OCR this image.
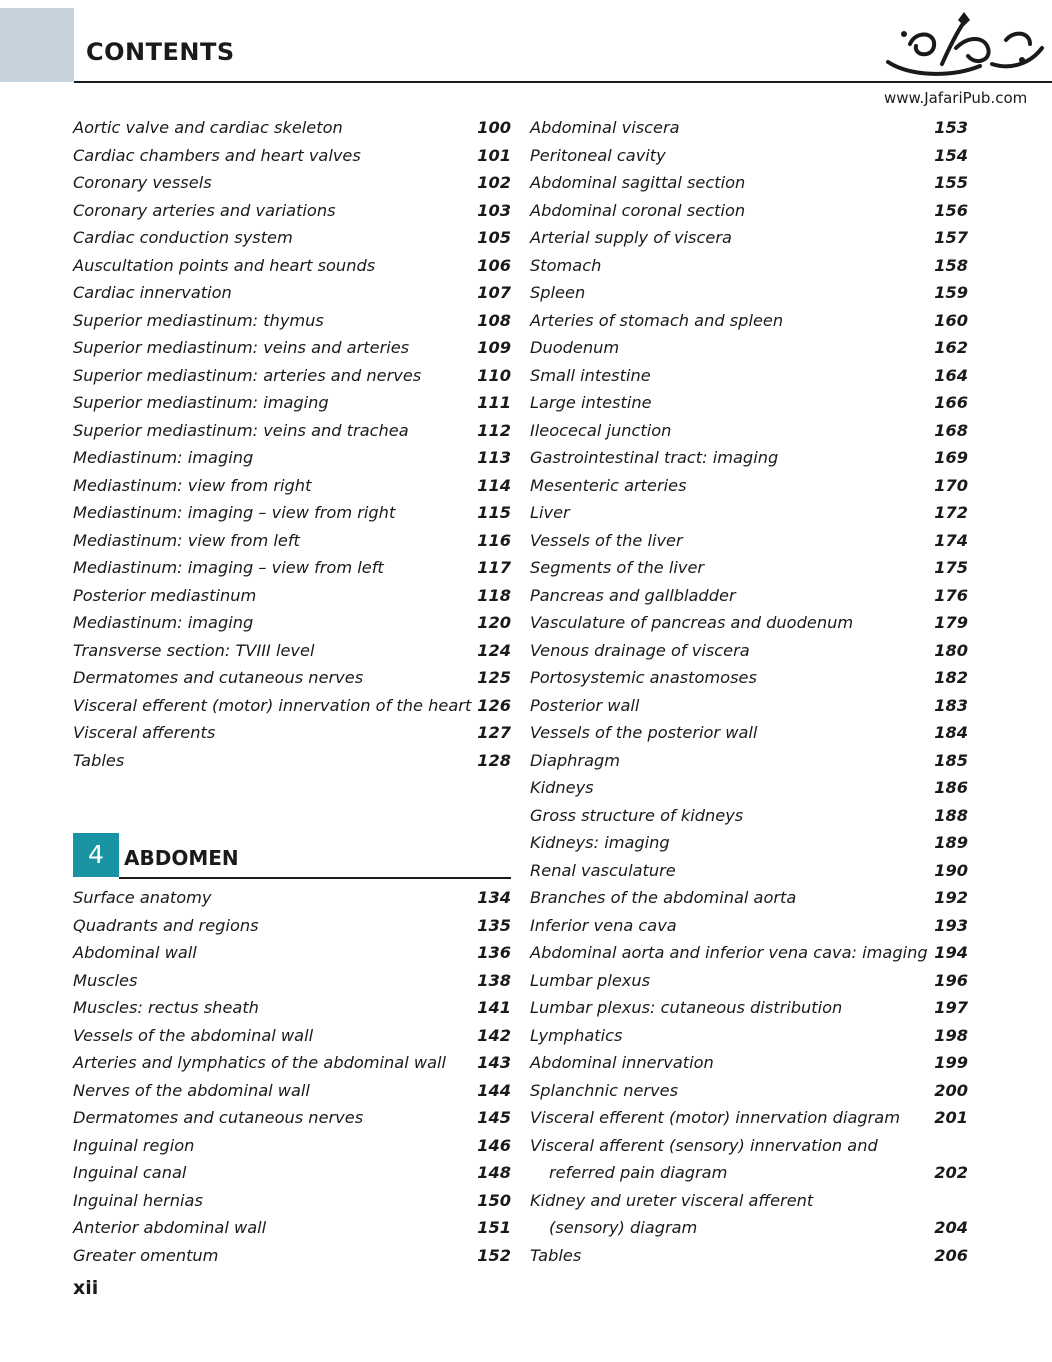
CONTENTS
www.JafariPub.com
Aortic valve and cardiac skeleton	100
Cardiac chambers and heart valves	101
Coronary vessels	102
Coronary arteries and variations	103
Cardiac conduction system	105
Auscultation points and heart sounds	106
Cardiac innervation	107
Superior mediastinum: thymus	108
Superior mediastinum: veins and arteries	109
Superior mediastinum: arteries and nerves	110
Superior mediastinum: imaging	111
Superior mediastinum: veins and trachea	112
Mediastinum: imaging	113
Mediastinum: view from right	114
Mediastinum: imaging – view from right	115
Mediastinum: view from left	116
Mediastinum: imaging – view from left	117
Posterior mediastinum	118
Mediastinum: imaging	120
Transverse section: TVIII level	124
Dermatomes and cutaneous nerves	125
Visceral efferent (motor) innervation of the heart 126
Visceral afferents	127
Tables	128
4	ABDOMEN
Surface anatomy	134
Quadrants and regions	135
Abdominal wall	136
Muscles	138
Muscles: rectus sheath	141
Vessels of the abdominal wall	142
Arteries and lymphatics of the abdominal wall	143
Nerves of the abdominal wall	144
Dermatomes and cutaneous nerves	145
Inguinal region	146
Inguinal canal	148
Inguinal hernias	150
Anterior abdominal wall	151
Greater omentum	152
Abdominal viscera	153
Peritoneal cavity	154
Abdominal sagittal section	155
Abdominal coronal section	156
Arterial supply of viscera	157
Stomach	158
Spleen	159
Arteries of stomach and spleen	160
Duodenum	162
Small intestine	164
Large intestine	166
Ileocecal junction	168
Gastrointestinal tract: imaging	169
Mesenteric arteries	170
Liver	172
Vessels of the liver	174
Segments of the liver	175
Pancreas and gallbladder	176
Vasculature of pancreas and duodenum	179
Venous drainage of viscera	180
Portosystemic anastomoses	182
Posterior wall	183
Vessels of the posterior wall	184
Diaphragm	185
Kidneys	186
Gross structure of kidneys	188
Kidneys: imaging	189
Renal vasculature	190
Branches of the abdominal aorta	192
Inferior vena cava	193
Abdominal aorta and inferior vena cava: imaging 194
Lumbar plexus	196
Lumbar plexus: cutaneous distribution	197
Lymphatics	198
Abdominal innervation	199
Splanchnic nerves	200
Visceral efferent (motor) innervation diagram	201
Visceral afferent (sensory) innervation and
referred pain diagram	202
Kidney and ureter visceral afferent
(sensory) diagram	204
Tables	206
xii
